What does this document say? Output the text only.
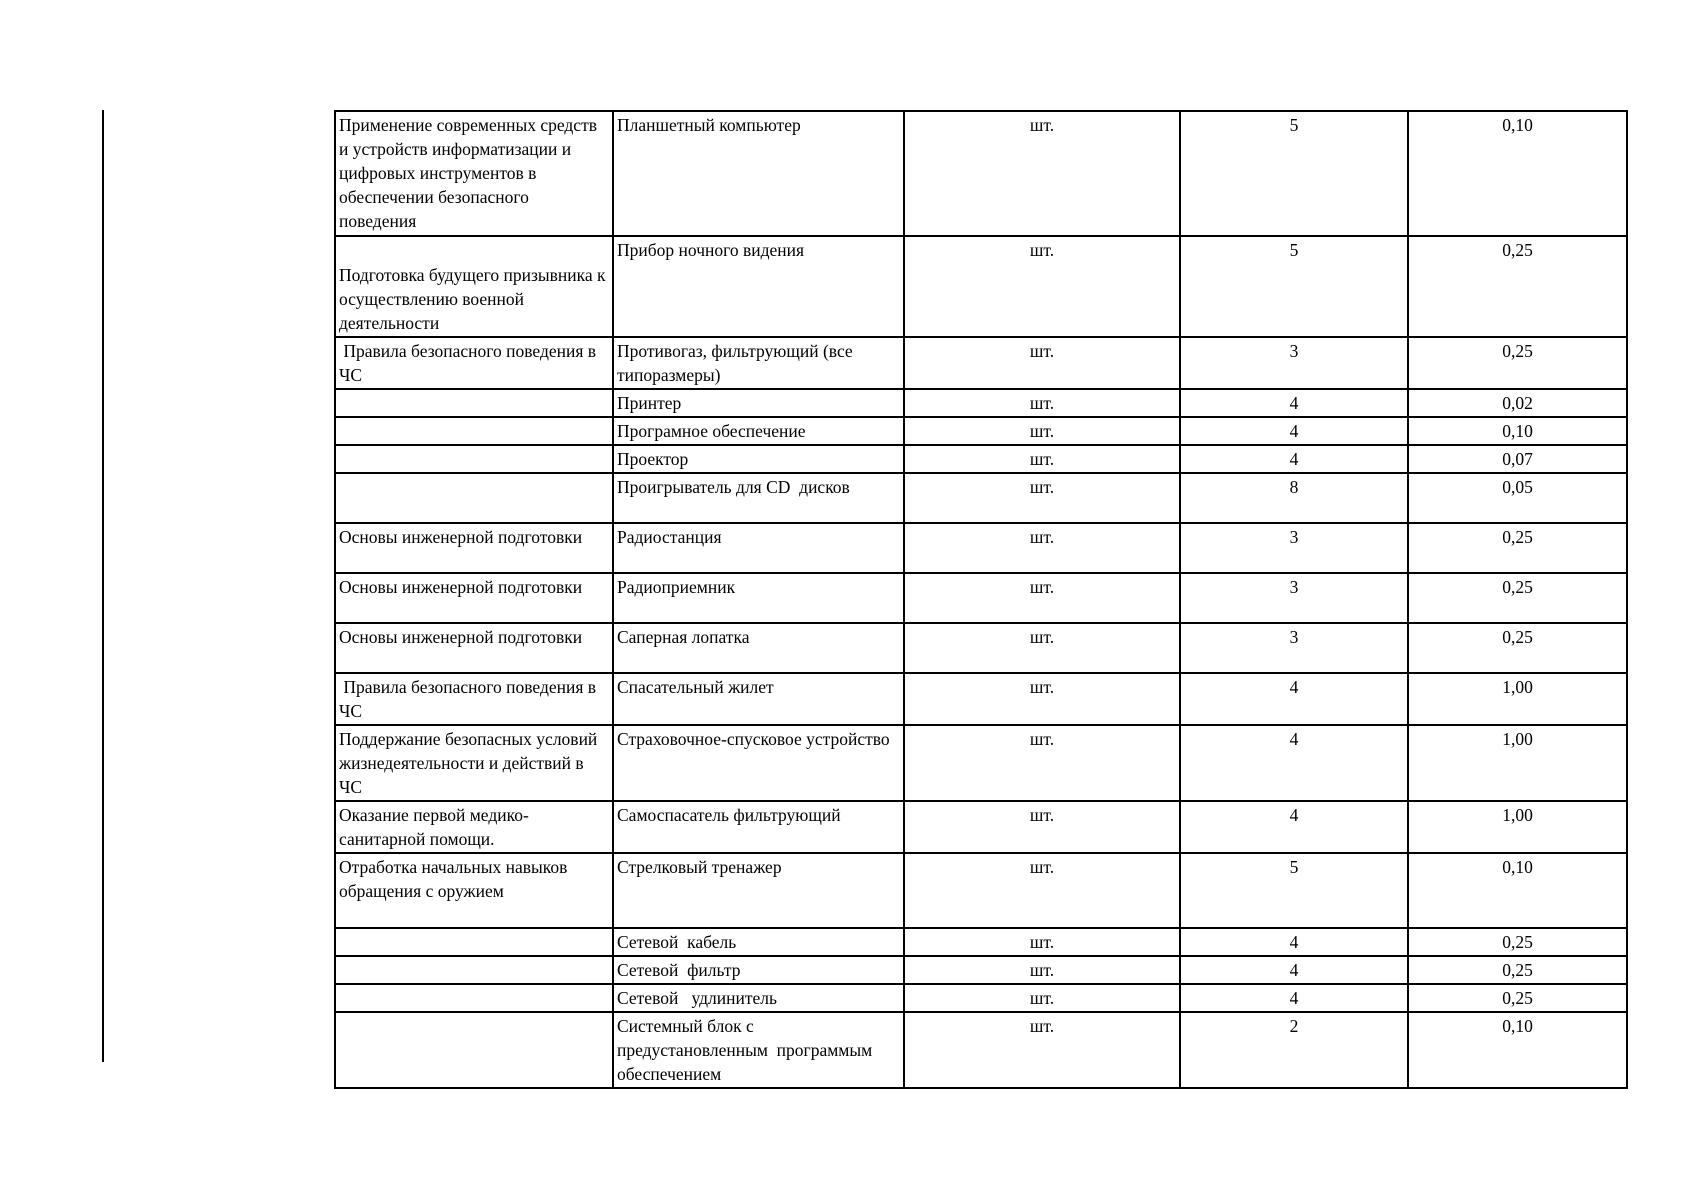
Применение современных средств и устройств информатизации и цифровых инструментов в обеспечении безопасного поведения	Планшетный компьютер	шт.	5	0,10
Подготовка будущего призывника к осуществлению военной деятельности	Прибор ночного видения	шт.	5	0,25
Правила безопасного поведения в ЧС	Противогаз, фильтрующий (все типоразмеры)	шт.	3	0,25
	Принтер	шт.	4	0,02
	Програмное обеспечение	шт.	4	0,10
	Проектор	шт.	4	0,07
	Проигрыватель для CD  дисков	шт.	8	0,05
Основы инженерной подготовки	Радиостанция	шт.	3	0,25
Основы инженерной подготовки	Радиоприемник	шт.	3	0,25
Основы инженерной подготовки	Саперная лопатка	шт.	3	0,25
Правила безопасного поведения в ЧС	Спасательный жилет	шт.	4	1,00
Поддержание безопасных условий жизнедеятельности и действий в ЧС	Страховочное-спусковое устройство	шт.	4	1,00
Оказание первой медико-санитарной помощи.	Самоспасатель фильтрующий	шт.	4	1,00
Отработка начальных навыков обращения с оружием	Стрелковый тренажер	шт.	5	0,10
	Сетевой  кабель	шт.	4	0,25
	Сетевой  фильтр	шт.	4	0,25
	Сетевой   удлинитель	шт.	4	0,25
	Системный блок с предустановленным  программым обеспечением	шт.	2	0,10
